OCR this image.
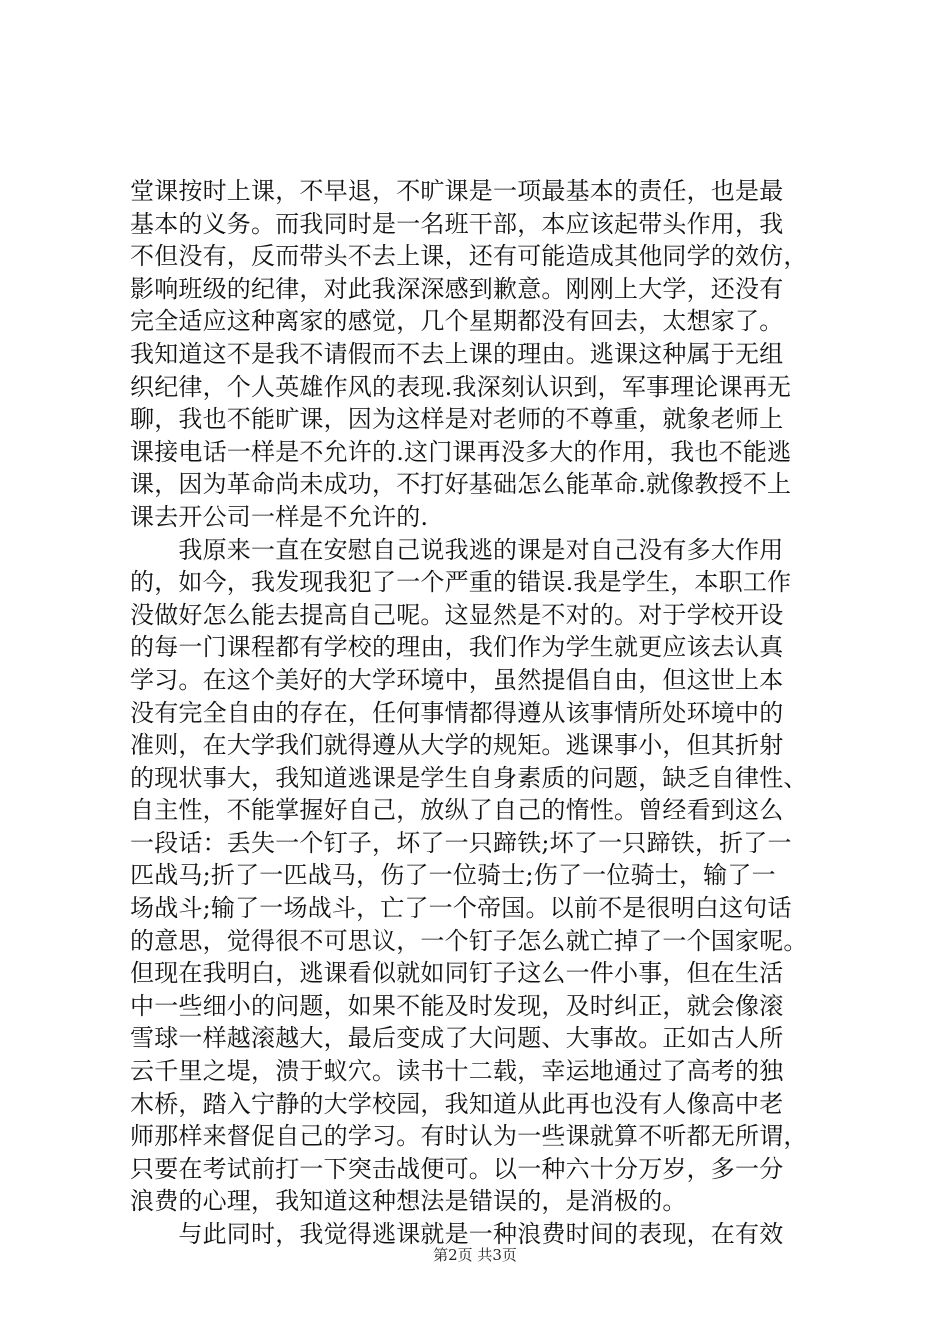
堂课按时上课，不早退，不旷课是一项最基本的责任，也是最
基本的义务。而我同时是一名班干部，本应该起带头作用，我
不但没有，反而带头不去上课，还有可能造成其他同学的效仿，
影响班级的纪律，对此我深深感到歉意。刚刚上大学，还没有
完全适应这种离家的感觉，几个星期都没有回去，太想家了。
我知道这不是我不请假而不去上课的理由。逃课这种属于无组
织纪律，个人英雄作风的表现.我深刻认识到，军事理论课再无
聊，我也不能旷课，因为这样是对老师的不尊重，就象老师上
课接电话一样是不允许的.这门课再没多大的作用，我也不能逃
课，因为革命尚未成功，不打好基础怎么能革命.就像教授不上
课去开公司一样是不允许的.
　　我原来一直在安慰自己说我逃的课是对自己没有多大作用
的，如今，我发现我犯了一个严重的错误.我是学生，本职工作
没做好怎么能去提高自己呢。这显然是不对的。对于学校开设
的每一门课程都有学校的理由，我们作为学生就更应该去认真
学习。在这个美好的大学环境中，虽然提倡自由，但这世上本
没有完全自由的存在，任何事情都得遵从该事情所处环境中的
准则，在大学我们就得遵从大学的规矩。逃课事小，但其折射
的现状事大，我知道逃课是学生自身素质的问题，缺乏自律性、
自主性，不能掌握好自己，放纵了自己的惰性。曾经看到这么
一段话：丢失一个钉子，坏了一只蹄铁;坏了一只蹄铁，折了一
匹战马;折了一匹战马，伤了一位骑士;伤了一位骑士，输了一
场战斗;输了一场战斗，亡了一个帝国。以前不是很明白这句话
的意思，觉得很不可思议，一个钉子怎么就亡掉了一个国家呢。
但现在我明白，逃课看似就如同钉子这么一件小事，但在生活
中一些细小的问题，如果不能及时发现，及时纠正，就会像滚
雪球一样越滚越大，最后变成了大问题、大事故。正如古人所
云千里之堤，溃于蚁穴。读书十二载，幸运地通过了高考的独
木桥，踏入宁静的大学校园，我知道从此再也没有人像高中老
师那样来督促自己的学习。有时认为一些课就算不听都无所谓，
只要在考试前打一下突击战便可。以一种六十分万岁，多一分
浪费的心理，我知道这种想法是错误的，是消极的。
　　与此同时，我觉得逃课就是一种浪费时间的表现，在有效
第2页 共3页
